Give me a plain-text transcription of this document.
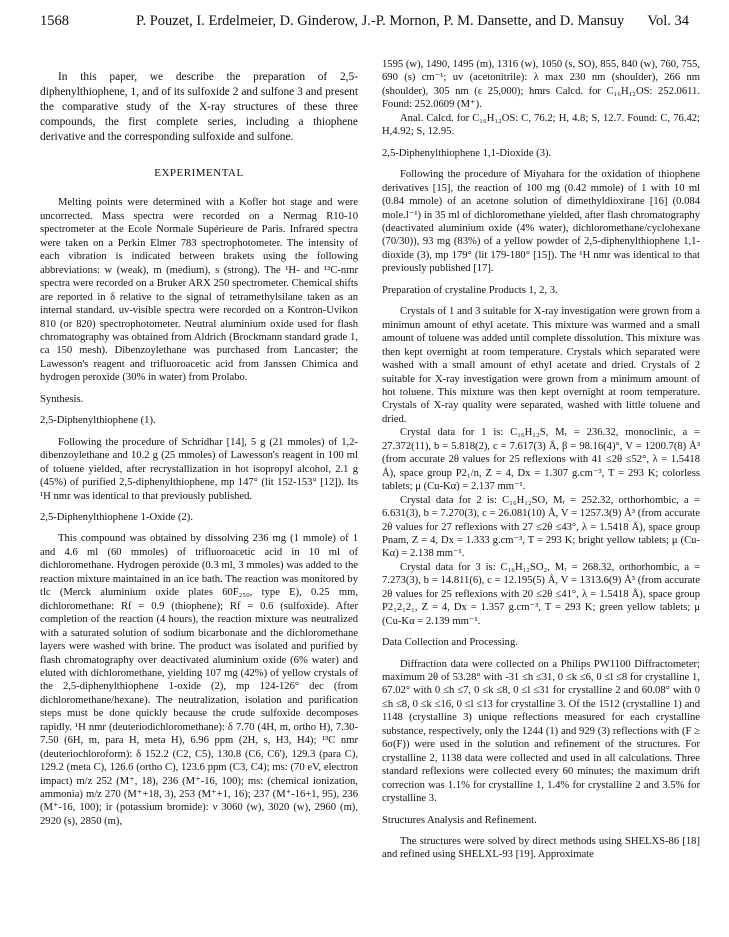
1568	P. Pouzet, I. Erdelmeier, D. Ginderow, J.-P. Mornon, P. M. Dansette, and D. Mansuy Vol. 34

In this paper, we describe the preparation of 2,5-diphenylthiophene, 1, and of its sulfoxide 2 and sulfone 3 and present the comparative study of the X-ray structures of these three compounds, the first complete series, including a thiophene derivative and the corresponding sulfoxide and sulfone.

EXPERIMENTAL

Melting points were determined with a Kofler hot stage and were uncorrected. Mass spectra were recorded on a Nermag R10-10 spectrometer at the Ecole Normale Supérieure de Paris. Infrared spectra were taken on a Perkin Elmer 783 spectrophotometer. The intensity of each vibration is indicated between brakets using the following abbreviations: w (weak), m (medium), s (strong). The ¹H- and ¹³C-nmr spectra were recorded on a Bruker ARX 250 spectrometer. Chemical shifts are reported in δ relative to the signal of tetramethylsilane taken as an internal standard. uv-visible spectra were recorded on a Kontron-Uvikon 810 (or 820) spectrophotometer. Neutral aluminium oxide used for flash chromatography was obtained from Aldrich (Brockmann standard grade 1, ca 150 mesh). Dibenzoylethane was purchased from Lancaster; the Lawesson's reagent and trifluoroacetic acid from Janssen Chimica and hydrogen peroxide (30% in water) from Prolabo.

Synthesis.

2,5-Diphenylthiophene (1).

Following the procedure of Schridhar [14], 5 g (21 mmoles) of 1,2-dibenzoylethane and 10.2 g (25 mmoles) of Lawesson's reagent in 100 ml of toluene yielded, after recrystallization in hot isopropyl alcohol, 2.1 g (45%) of purified 2,5-diphenylthiophene, mp 147° (lit 152-153° [12]). Its ¹H nmr was identical to that previously published.

2,5-Diphenylthiophene 1-Oxide (2).

This compound was obtained by dissolving 236 mg (1 mmole) of 1 and 4.6 ml (60 mmoles) of trifluoroacetic acid in 10 ml of dichloromethane. Hydrogen peroxide (0.3 ml, 3 mmoles) was added to the reaction mixture maintained in an ice bath. The reaction was monitored by tlc (Merck aluminium oxide plates 60F₂₅₀, type E), 0.25 mm, dichloromethane: Rf = 0.9 (thiophene); Rf = 0.6 (sulfoxide). After completion of the reaction (4 hours), the reaction mixture was neutralized with a saturated solution of sodium bicarbonate and the dichloromethane layers were washed with brine. The product was isolated and purified by flash chromatography over deactivated aluminium oxide (6% water) and eluted with dichloromethane, yielding 107 mg (42%) of yellow crystals of the 2,5-diphenylthiophene 1-oxide (2), mp 124-126° dec (from dichloromethane/hexane). The neutralization, isolation and purification steps must be done quickly because the crude sulfoxide decomposes rapidly. ¹H nmr (deuteriodichloromethane): δ 7.70 (4H, m, ortho H), 7.30-7.50 (6H, m, para H, meta H), 6.96 ppm (2H, s, H3, H4); ¹³C nmr (deuteriochloroform): δ 152.2 (C2, C5), 130.8 (C6, C6'), 129.3 (para C), 129.2 (meta C), 126.6 (ortho C), 123.6 ppm (C3, C4); ms: (70 eV, electron impact) m/z 252 (M⁺, 18), 236 (M⁺-16, 100); ms: (chemical ionization, ammonia) m/z 270 (M⁺+18, 3), 253 (M⁺+1, 16); 237 (M⁺-16+1, 95), 236 (M⁺-16, 100); ir (potassium bromide): ν 3060 (w), 3020 (w), 2960 (m), 2920 (s), 2850 (m),

1595 (w), 1490, 1495 (m), 1316 (w), 1050 (s, SO), 855, 840 (w), 760, 755, 690 (s) cm⁻¹; uv (acetonitrile): λ max 230 nm (shoulder), 266 nm (shoulder), 305 nm (ε 25,000); hmrs Calcd. for C₁₆H₁₂OS: 252.0611. Found: 252.0609 (M⁺).

Anal. Calcd. for C₁₆H₁₂OS: C, 76.2; H, 4.8; S, 12.7. Found: C, 76.42; H,4.92; S, 12.95.

2,5-Diphenylthiophene 1,1-Dioxide (3).

Following the procedure of Miyahara for the oxidation of thiophene derivatives [15], the reaction of 100 mg (0.42 mmole) of 1 with 10 ml (0.84 mmole) of an acetone solution of dimethyldioxirane [16] (0.084 mole.l⁻¹) in 35 ml of dichloromethane yielded, after flash chromatography (deactivated aluminium oxide (4% water), dichloromethane/cyclohexane (70/30)), 93 mg (83%) of a yellow powder of 2,5-diphenylthiophene 1,1-dioxide (3), mp 179° (lit 179-180° [15]). The ¹H nmr was identical to that previously published [17].

Preparation of crystaline Products 1, 2, 3.

Crystals of 1 and 3 suitable for X-ray investigation were grown from a minimun amount of ethyl acetate. This mixture was warmed and a small amount of toluene was added until complete dissolution. This mixture was then kept overnight at room temperature. Crystals which separated were washed with a small amount of ethyl acetate and dried. Crystals of 2 suitable for X-ray investigation were grown from a minimum amount of hot toluene. This mixture was then kept overnight at room temperature. Crystals of X-ray quality were separated, washed with little toluene and dried.

Crystal data for 1 is: C₁₆H₁₂S, Mᵣ = 236.32, monoclinic, a = 27.372(11), b = 5.818(2), c = 7.617(3) Å, β = 98.16(4)°, V = 1200.7(8) Å³ (from accurate 2θ values for 25 reflexions with 41 ≤2θ ≤52°, λ = 1.5418 Å), space group P2₁/n, Z = 4, Dx = 1.307 g.cm⁻³, T = 293 K; colorless tablets; μ (Cu-Kα) = 2.137 mm⁻¹.

Crystal data for 2 is: C₁₆H₁₂SO, Mᵣ = 252.32, orthorhombic, a = 6.631(3), b = 7.270(3), c = 26.081(10) Å, V = 1257.3(9) Å³ (from accurate 2θ values for 27 reflexions with 27 ≤2θ ≤43°, λ = 1.5418 Å), space group Pnam, Z = 4, Dx = 1.333 g.cm⁻³, T = 293 K; bright yellow tablets; μ (Cu-Kα) = 2.138 mm⁻¹.

Crystal data for 3 is: C₁₆H₁₂SO₂, Mᵣ = 268.32, orthorhombic, a = 7.273(3), b = 14.811(6), c = 12.195(5) Å, V = 1313.6(9) Å³ (from accurate 2θ values for 25 reflexions with 20 ≤2θ ≤41°, λ = 1.5418 Å), space group P2₁2₁2₁, Z = 4, Dx = 1.357 g.cm⁻³, T = 293 K; green yellow tablets; μ (Cu-Kα = 2.139 mm⁻¹.

Data Collection and Processing.

Diffraction data were collected on a Philips PW1100 Diffractometer; maximum 2θ of 53.28° with -31 ≤h ≤31, 0 ≤k ≤6, 0 ≤l ≤8 for crystalline 1, 67.02° with 0 ≤h ≤7, 0 ≤k ≤8, 0 ≤l ≤31 for crystalline 2 and 60.08° with 0 ≤h ≤8, 0 ≤k ≤16, 0 ≤l ≤13 for crystalline 3. Of the 1512 (crystalline 1) and 1148 (crystalline 3) unique reflections measured for each crystalline substance, respectively, only the 1244 (1) and 929 (3) reflections with (F ≥ 6σ(F)) were used in the solution and refinement of the structures. For crystalline 2, 1138 data were collected and used in all calculations. Three standard reflexions were collected every 60 minutes; the maximum drift correction was 1.1% for crystalline 1, 1.4% for crystalline 2 and 3.5% for crystalline 3.

Structures Analysis and Refinement.

The structures were solved by direct methods using SHELXS-86 [18] and refined using SHELXL-93 [19]. Approximate
